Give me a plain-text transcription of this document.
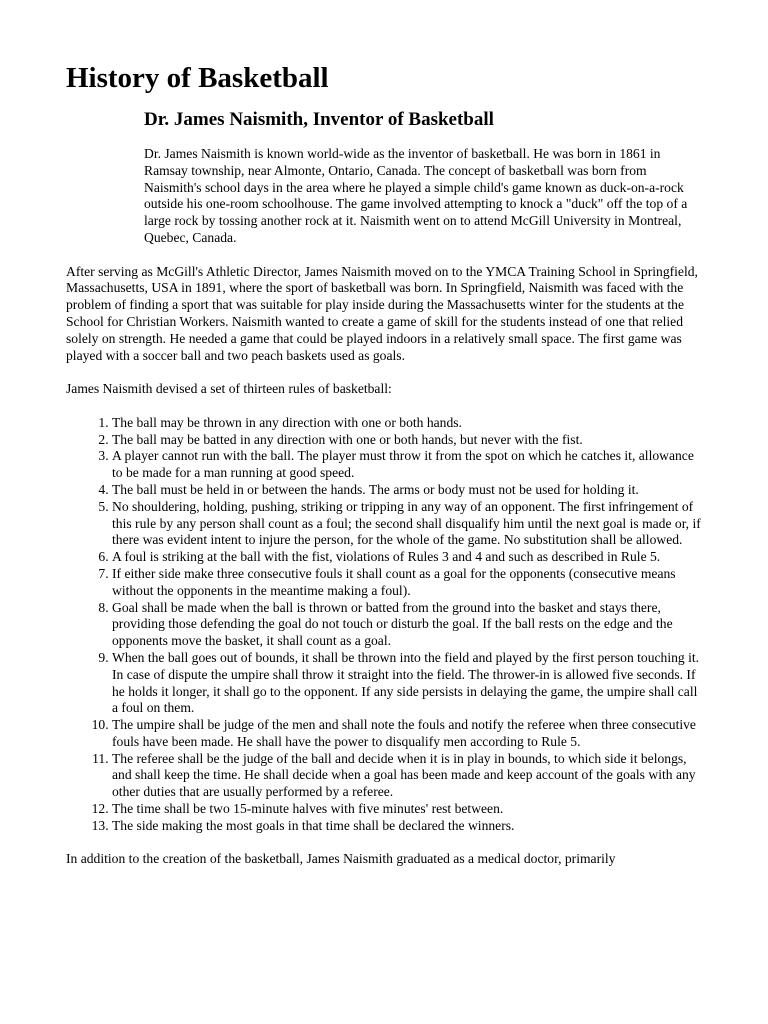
History of Basketball
Dr. James Naismith, Inventor of Basketball

Dr. James Naismith is known world-wide as the inventor of basketball. He was born in 1861 in Ramsay township, near Almonte, Ontario, Canada. The concept of basketball was born from Naismith's school days in the area where he played a simple child's game known as duck-on-a-rock outside his one-room schoolhouse. The game involved attempting to knock a "duck" off the top of a large rock by tossing another rock at it. Naismith went on to attend McGill University in Montreal, Quebec, Canada.

After serving as McGill's Athletic Director, James Naismith moved on to the YMCA Training School in Springfield, Massachusetts, USA in 1891, where the sport of basketball was born. In Springfield, Naismith was faced with the problem of finding a sport that was suitable for play inside during the Massachusetts winter for the students at the School for Christian Workers. Naismith wanted to create a game of skill for the students instead of one that relied solely on strength. He needed a game that could be played indoors in a relatively small space. The first game was played with a soccer ball and two peach baskets used as goals.

James Naismith devised a set of thirteen rules of basketball:

1. The ball may be thrown in any direction with one or both hands.
2. The ball may be batted in any direction with one or both hands, but never with the fist.
3. A player cannot run with the ball. The player must throw it from the spot on which he catches it, allowance to be made for a man running at good speed.
4. The ball must be held in or between the hands. The arms or body must not be used for holding it.
5. No shouldering, holding, pushing, striking or tripping in any way of an opponent. The first infringement of this rule by any person shall count as a foul; the second shall disqualify him until the next goal is made or, if there was evident intent to injure the person, for the whole of the game. No substitution shall be allowed.
6. A foul is striking at the ball with the fist, violations of Rules 3 and 4 and such as described in Rule 5.
7. If either side make three consecutive fouls it shall count as a goal for the opponents (consecutive means without the opponents in the meantime making a foul).
8. Goal shall be made when the ball is thrown or batted from the ground into the basket and stays there, providing those defending the goal do not touch or disturb the goal. If the ball rests on the edge and the opponents move the basket, it shall count as a goal.
9. When the ball goes out of bounds, it shall be thrown into the field and played by the first person touching it. In case of dispute the umpire shall throw it straight into the field. The thrower-in is allowed five seconds. If he holds it longer, it shall go to the opponent. If any side persists in delaying the game, the umpire shall call a foul on them.
10. The umpire shall be judge of the men and shall note the fouls and notify the referee when three consecutive fouls have been made. He shall have the power to disqualify men according to Rule 5.
11. The referee shall be the judge of the ball and decide when it is in play in bounds, to which side it belongs, and shall keep the time. He shall decide when a goal has been made and keep account of the goals with any other duties that are usually performed by a referee.
12. The time shall be two 15-minute halves with five minutes' rest between.
13. The side making the most goals in that time shall be declared the winners.

In addition to the creation of the basketball, James Naismith graduated as a medical doctor, primarily
